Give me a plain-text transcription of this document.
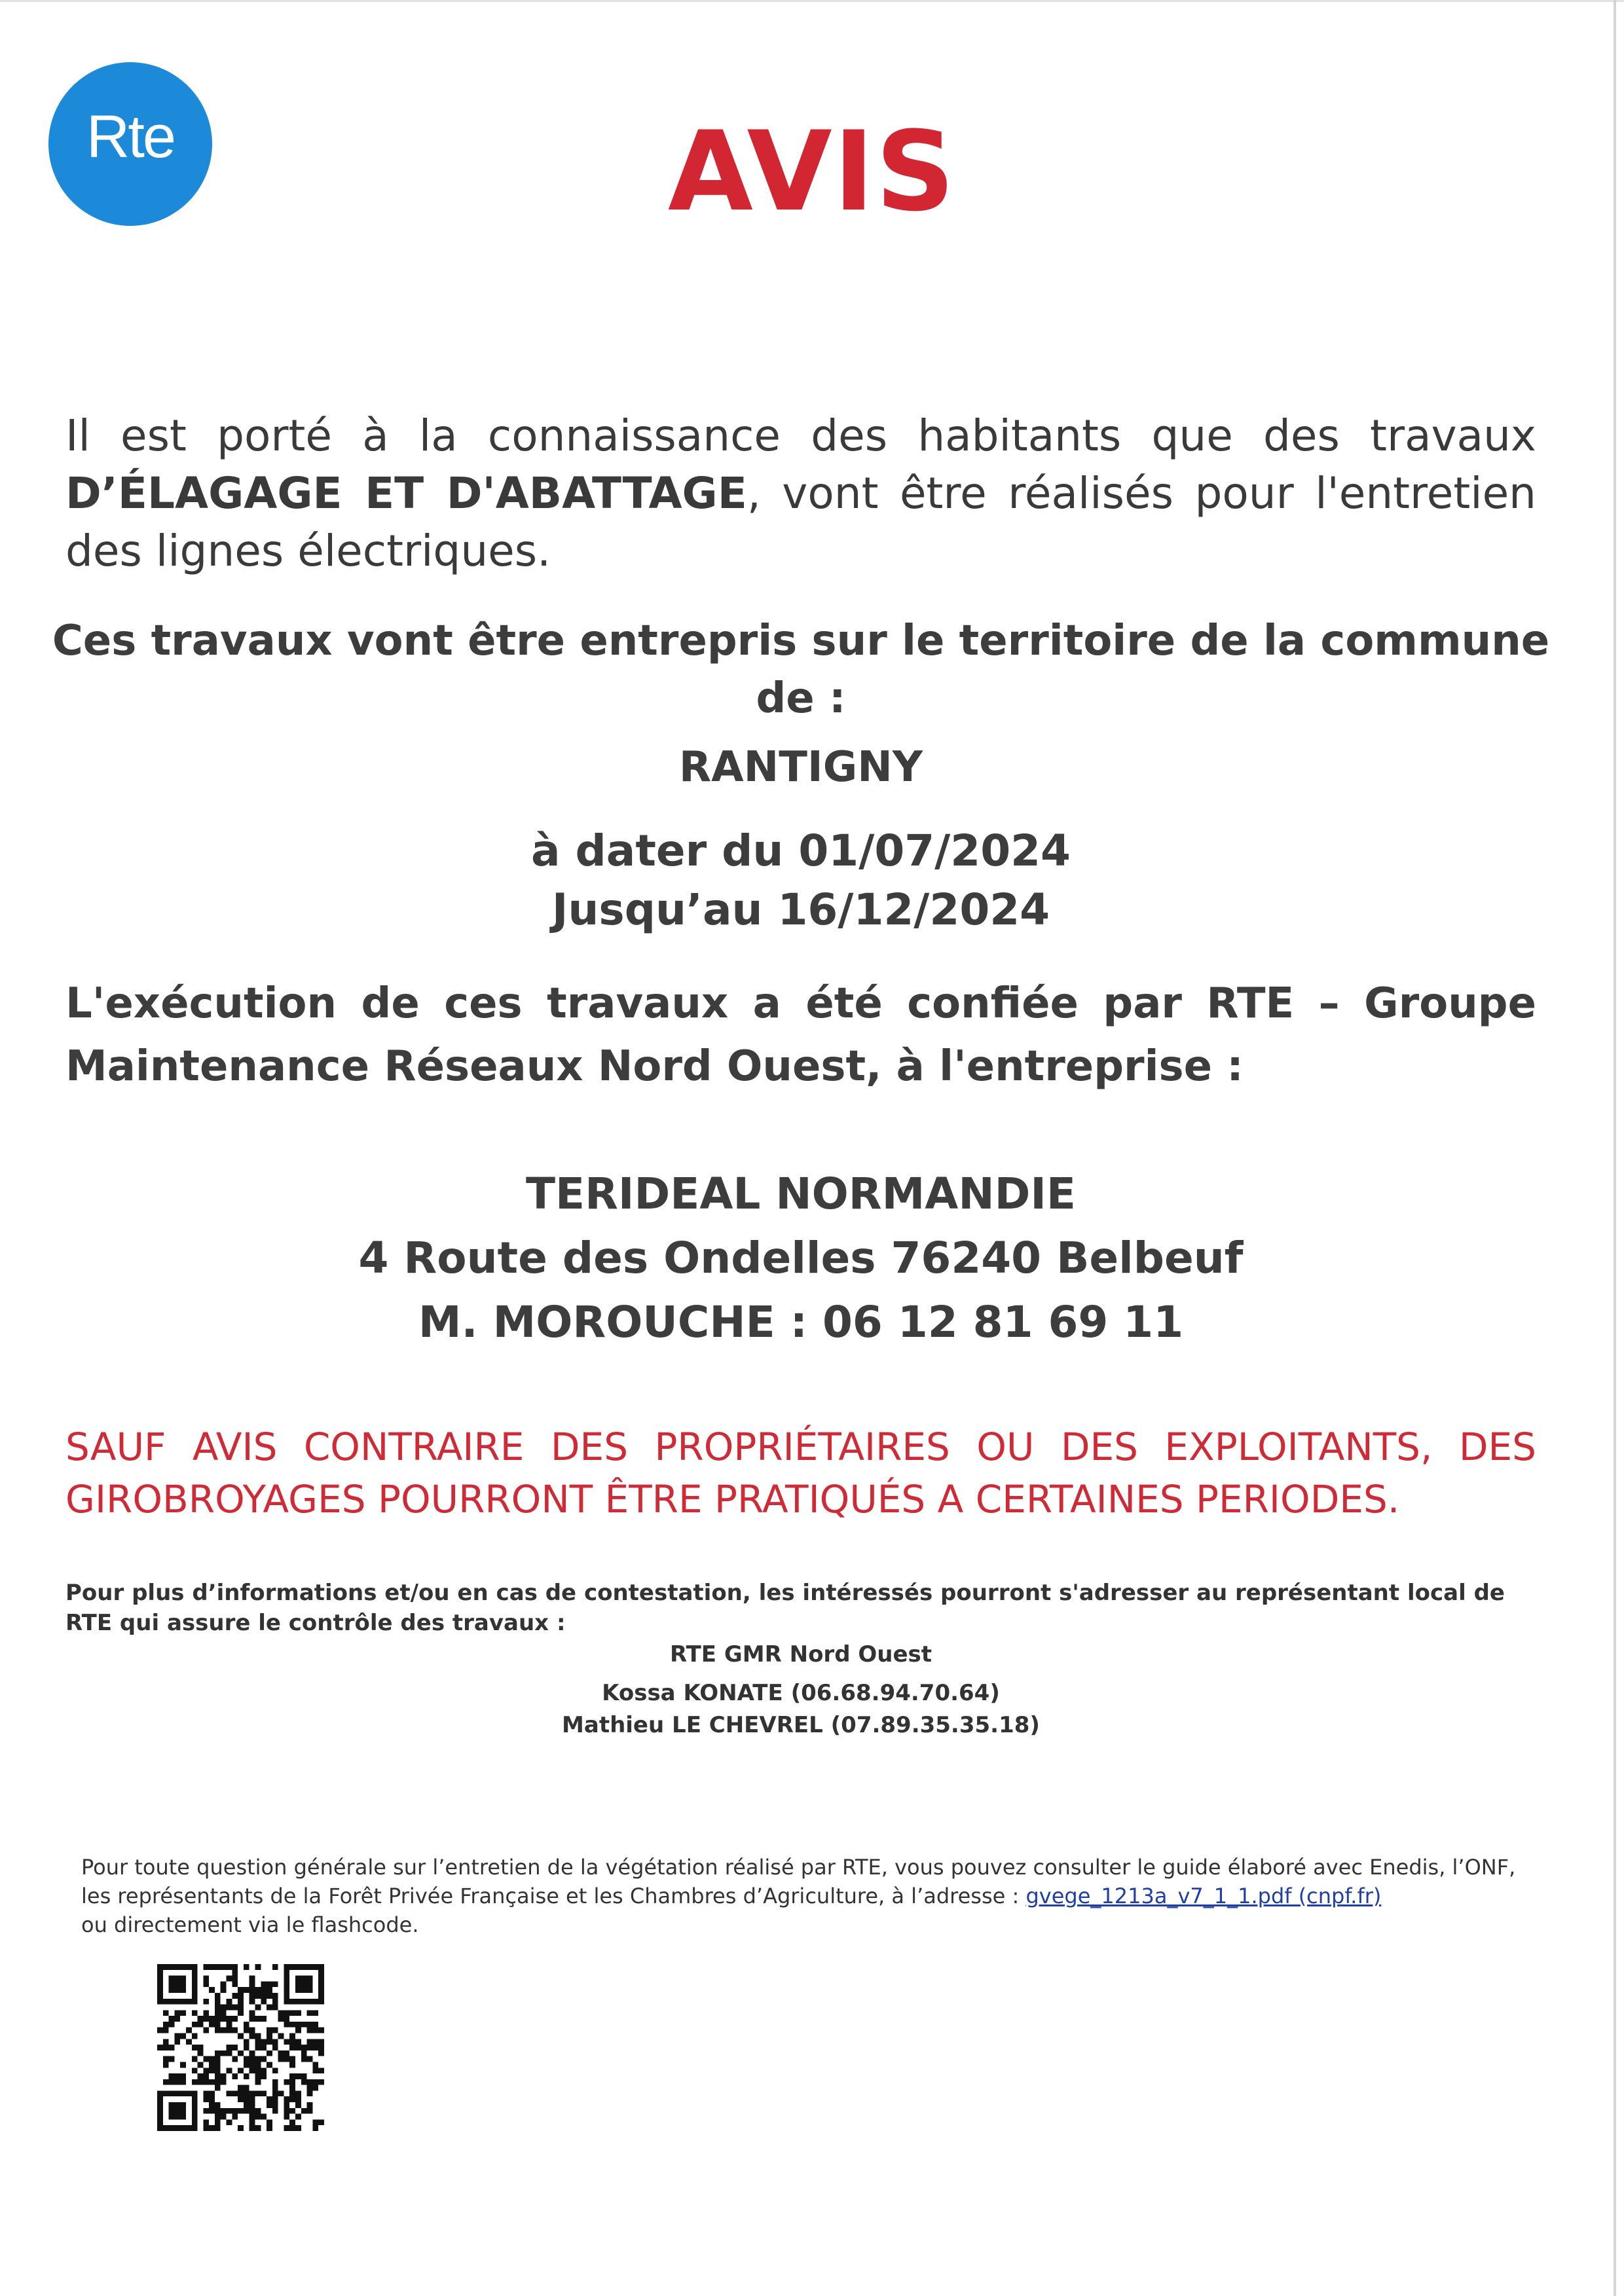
Rte	AVIS
Il est porté à la connaissance des habitants que des travaux D’ÉLAGAGE ET D'ABATTAGE, vont être réalisés pour l'entretien des lignes électriques.
Ces travaux vont être entrepris sur le territoire de la commune
de :
RANTIGNY
à dater du 01/07/2024
Jusqu’au 16/12/2024
L'exécution de ces travaux a été confiée par RTE – Groupe Maintenance Réseaux Nord Ouest, à l'entreprise :
TERIDEAL NORMANDIE
4 Route des Ondelles 76240 Belbeuf
M. MOROUCHE : 06 12 81 69 11
SAUF AVIS CONTRAIRE DES PROPRIÉTAIRES OU DES EXPLOITANTS, DES GIROBROYAGES POURRONT ÊTRE PRATIQUÉS A CERTAINES PERIODES.
Pour plus d’informations et/ou en cas de contestation, les intéressés pourront s'adresser au représentant local de RTE qui assure le contrôle des travaux :
RTE GMR Nord Ouest
Kossa KONATE (06.68.94.70.64)
Mathieu LE CHEVREL (07.89.35.35.18)
Pour toute question générale sur l’entretien de la végétation réalisé par RTE, vous pouvez consulter le guide élaboré avec Enedis, l’ONF,
les représentants de la Forêt Privée Française et les Chambres d’Agriculture, à l’adresse : gvege_1213a_v7_1_1.pdf (cnpf.fr)
ou directement via le flashcode.
